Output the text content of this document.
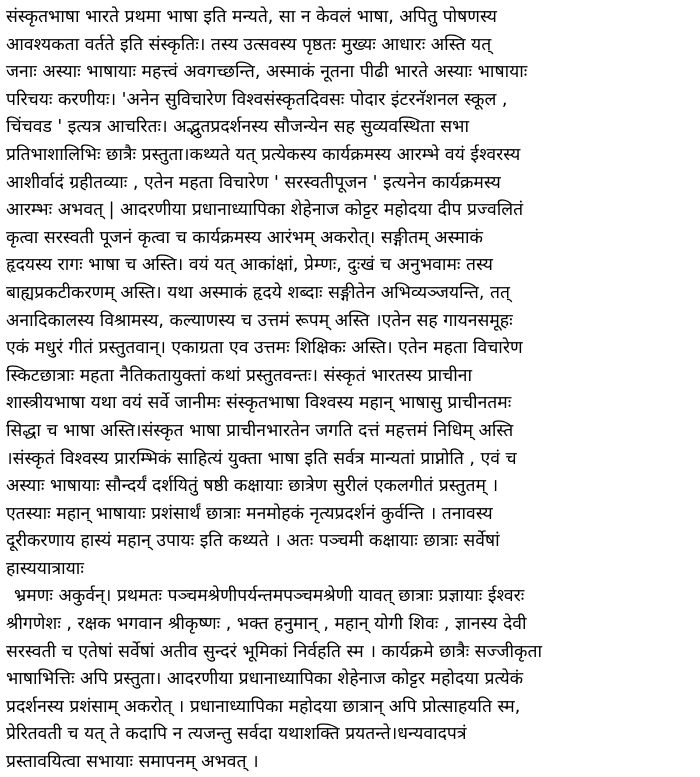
संस्कृतभाषा भारते प्रथमा भाषा इति मन्यते, सा न केवलं भाषा, अपितु पोषणस्य
आवश्यकता वर्तते इति संस्कृतिः। तस्य उत्सवस्य पृष्ठतः मुख्यः आधारः अस्ति यत्
जनाः अस्याः भाषायाः महत्त्वं अवगच्छन्ति, अस्माकं नूतना पीढी भारते अस्याः भाषायाः
परिचयः करणीयः। 'अनेन सुविचारेण विश्वसंस्कृतदिवसः पोदार इंटरनॅशनल स्कूल ,
चिंचवड ' इत्यत्र आचरितः। अद्भुतप्रदर्शनस्य सौजन्येन सह सुव्यवस्थिता सभा
प्रतिभाशालिभिः छात्रैः प्रस्तुता।कथ्यते यत् प्रत्येकस्य कार्यक्रमस्य आरम्भे वयं ईश्वरस्य
आशीर्वादं ग्रहीतव्याः , एतेन महता विचारेण ' सरस्वतीपूजन ' इत्यनेन कार्यक्रमस्य
आरम्भः अभवत् | आदरणीया प्रधानाध्यापिका शेहेनाज कोट्टर महोदया दीप प्रज्वलितं
कृत्वा सरस्वती पूजनं कृत्वा च कार्यक्रमस्य आरंभम् अकरोत्। सङ्गीतम् अस्माकं
हृदयस्य रागः भाषा च अस्ति। वयं यत् आकांक्षां, प्रेम्णः, दुःखं च अनुभवामः तस्य
बाह्यप्रकटीकरणम् अस्ति। यथा अस्माकं हृदये शब्दाः सङ्गीतेन अभिव्यञ्जयन्ति, तत्
अनादिकालस्य विश्रामस्य, कल्याणस्य च उत्तमं रूपम् अस्ति ।एतेन सह गायनसमूहः
एकं मधुरं गीतं प्रस्तुतवान्। एकाग्रता एव उत्तमः शिक्षिकः अस्ति। एतेन महता विचारेण
स्किटछात्राः महता नैतिकतायुक्तां कथां प्रस्तुतवन्तः। संस्कृतं भारतस्य प्राचीना
शास्त्रीयभाषा यथा वयं सर्वे जानीमः संस्कृतभाषा विश्वस्य महान् भाषासु प्राचीनतमः
सिद्धा च भाषा अस्ति।संस्कृत भाषा प्राचीनभारतेन जगति दत्तं महत्तमं निधिम् अस्ति
।संस्कृतं विश्वस्य प्रारम्भिकं साहित्यं युक्ता भाषा इति सर्वत्र मान्यतां प्राप्नोति , एवं च
अस्याः भाषायाः सौन्दर्यं दर्शयितुं षष्ठी कक्षायाः छात्रेण सुरीलं एकलगीतं प्रस्तुतम् ।
एतस्याः महान् भाषायाः प्रशंसार्थं छात्राः मनमोहकं नृत्यप्रदर्शनं कुर्वन्ति । तनावस्य
दूरीकरणाय हास्यं महान् उपायः इति कथ्यते । अतः पञ्चमी कक्षायाः छात्राः सर्वेषां
हास्ययात्रायाः
भ्रमणः अकुर्वन्। प्रथमतः पञ्चमश्रेणीपर्यन्तमपञ्चमश्रेणी यावत् छात्राः प्रज्ञायाः ईश्वरः
श्रीगणेशः , रक्षक भगवान श्रीकृष्णः , भक्त हनुमान् , महान् योगी शिवः , ज्ञानस्य देवी
सरस्वती च एतेषां सर्वेषां अतीव सुन्दरं भूमिकां निर्वहति स्म । कार्यक्रमे छात्रैः सज्जीकृता
भाषाभित्तिः अपि प्रस्तुता। आदरणीया प्रधानाध्यापिका शेहेनाज कोट्टर महोदया प्रत्येकं
प्रदर्शनस्य प्रशंसाम् अकरोत् । प्रधानाध्यापिका महोदया छात्रान् अपि प्रोत्साहयति स्म,
प्रेरितवती च यत् ते कदापि न त्यजन्तु सर्वदा यथाशक्ति प्रयतन्ते।धन्यवादपत्रं
प्रस्तावयित्वा सभायाः समापनम् अभवत् ।
